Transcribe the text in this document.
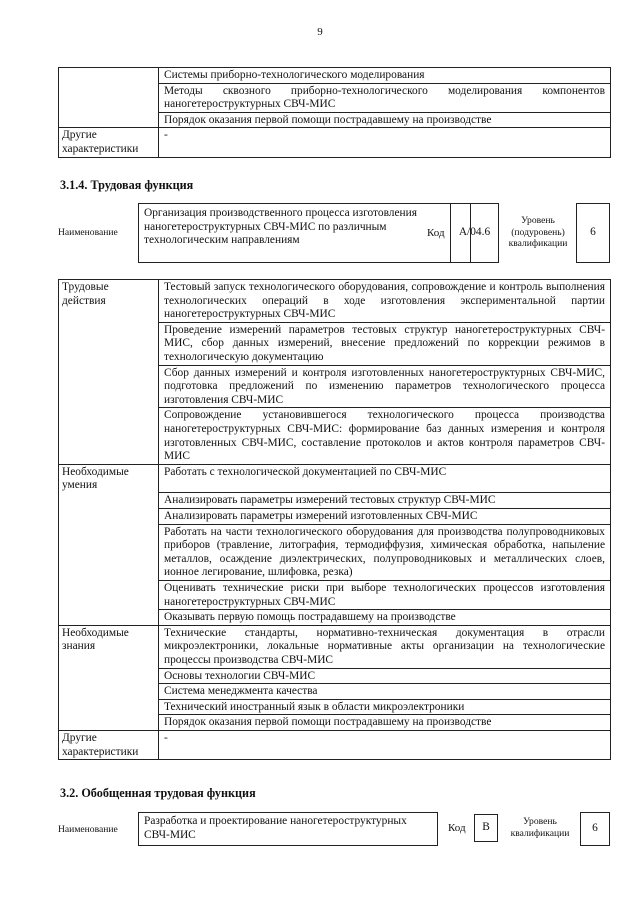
9
	Системы приборно-технологического моделирования
	Методы сквозного приборно-технологического моделирования компонентов наногетероструктурных СВЧ-МИС
	Порядок оказания первой помощи пострадавшему на производстве
Другие характеристики	-
3.1.4. Трудовая функция
Наименование
Организация производственного процесса изготовления наногетероструктурных СВЧ-МИС по различным технологическим направлениям
Код	А/04.6
Уровень (подуровень) квалификации
6
Трудовые действия	Тестовый запуск технологического оборудования, сопровождение и контроль выполнения технологических операций в ходе изготовления экспериментальной партии наногетероструктурных СВЧ-МИС
	Проведение измерений параметров тестовых структур наногетероструктурных СВЧ-МИС, сбор данных измерений, внесение предложений по коррекции режимов в технологическую документацию
	Сбор данных измерений и контроля изготовленных наногетероструктурных СВЧ-МИС, подготовка предложений по изменению параметров технологического процесса изготовления СВЧ-МИС
	Сопровождение установившегося технологического процесса производства наногетероструктурных СВЧ-МИС: формирование баз данных измерения и контроля изготовленных СВЧ-МИС, составление протоколов и актов контроля параметров СВЧ-МИС
Необходимые умения	Работать с технологической документацией по СВЧ-МИС
	Анализировать параметры измерений тестовых структур СВЧ-МИС
	Анализировать параметры измерений изготовленных СВЧ-МИС
	Работать на части технологического оборудования для производства полупроводниковых приборов (травление, литография, термодиффузия, химическая обработка, напыление металлов, осаждение диэлектрических, полупроводниковых и металлических слоев, ионное легирование, шлифовка, резка)
	Оценивать технические риски при выборе технологических процессов изготовления наногетероструктурных СВЧ-МИС
	Оказывать первую помощь пострадавшему на производстве
Необходимые знания	Технические стандарты, нормативно-техническая документация в отрасли микроэлектроники, локальные нормативные акты организации на технологические процессы производства СВЧ-МИС
	Основы технологии СВЧ-МИС
	Система менеджмента качества
	Технический иностранный язык в области микроэлектроники
	Порядок оказания первой помощи пострадавшему на производстве
Другие характеристики	-
3.2. Обобщенная трудовая функция
Наименование
Разработка и проектирование наногетероструктурных СВЧ-МИС
Код	В	Уровень квалификации	6
